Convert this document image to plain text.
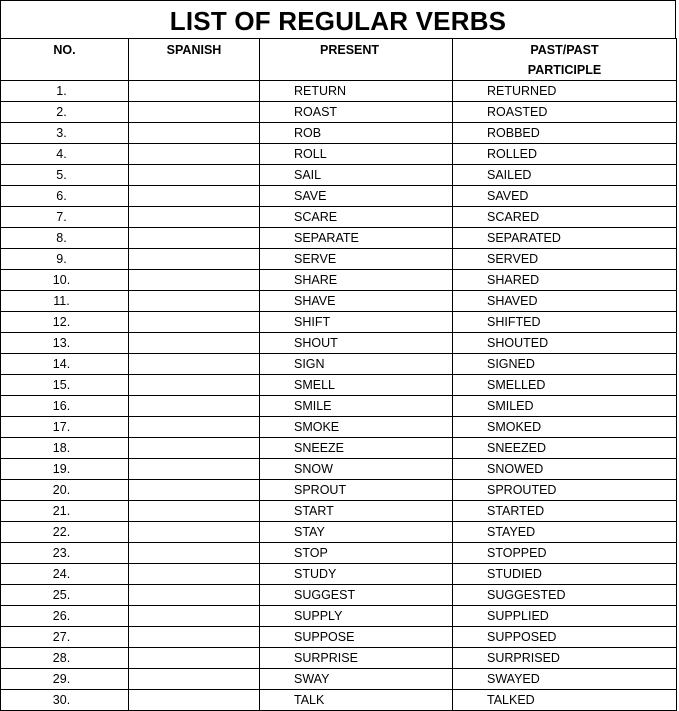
LIST OF REGULAR VERBS
NO.	SPANISH	PRESENT	PAST/PAST
PARTICIPLE
1.		RETURN	RETURNED
2.		ROAST	ROASTED
3.		ROB	ROBBED
4.		ROLL	ROLLED
5.		SAIL	SAILED
6.		SAVE	SAVED
7.		SCARE	SCARED
8.		SEPARATE	SEPARATED
9.		SERVE	SERVED
10.		SHARE	SHARED
11.		SHAVE	SHAVED
12.		SHIFT	SHIFTED
13.		SHOUT	SHOUTED
14.		SIGN	SIGNED
15.		SMELL	SMELLED
16.		SMILE	SMILED
17.		SMOKE	SMOKED
18.		SNEEZE	SNEEZED
19.		SNOW	SNOWED
20.		SPROUT	SPROUTED
21.		START	STARTED
22.		STAY	STAYED
23.		STOP	STOPPED
24.		STUDY	STUDIED
25.		SUGGEST	SUGGESTED
26.		SUPPLY	SUPPLIED
27.		SUPPOSE	SUPPOSED
28.		SURPRISE	SURPRISED
29.		SWAY	SWAYED
30.		TALK	TALKED
